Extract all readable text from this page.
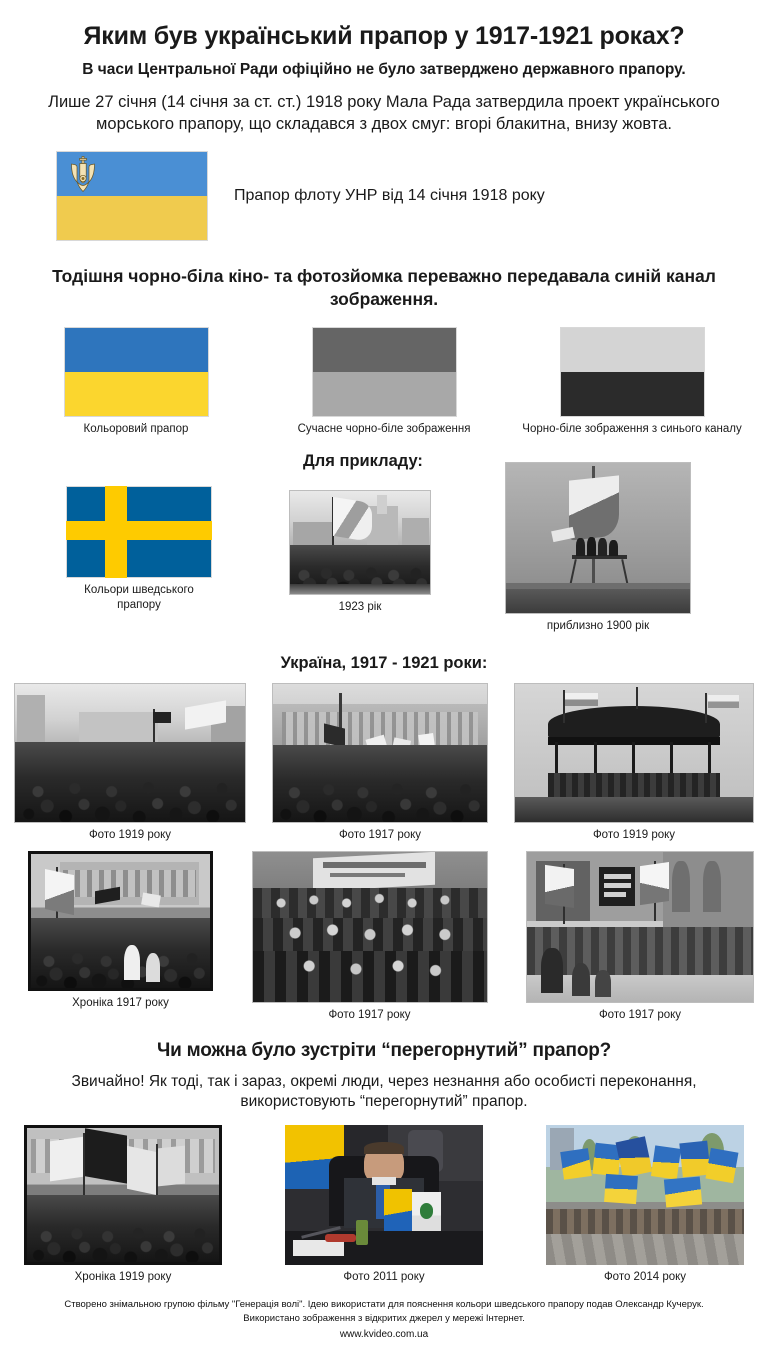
Яким був український прапор у 1917-1921 роках?
В часи Центральної Ради офіційно не було затверджено державного прапору.
Лише 27 січня (14 січня за ст. ст.) 1918 року Мала Рада затвердила проект українського морського прапору, що складався з двох смуг: вгорі блакитна, внизу жовта.
Прапор флоту УНР від 14 січня 1918 року
Тодішня чорно-біла кіно- та фотозйомка переважно передавала синій канал зображення.
Кольоровий прапор	Сучасне чорно-біле зображення	Чорно-біле зображення з синього каналу
Для прикладу:
Кольори шведського прапору	1923 рік
приблизно 1900 рік
Україна, 1917 - 1921 роки:
Фото 1919 року	Фото 1917 року	Фото 1919 року
Хроніка 1917 року
Фото 1917 року	Фото 1917 року
Чи можна було зустріти “перегорнутий” прапор?
Звичайно! Як тоді, так і зараз, окремі люди, через незнання або особисті переконання, використовують “перегорнутий” прапор.
Хроніка 1919 року	Фото 2011 року	Фото 2014 року
Створено знімальною групою фільму "Генерація волі". Ідею використати для пояснення кольори шведського прапору подав Олександр Кучерук.
Використано зображення з відкритих джерел у мережі Інтернет.
www.kvideo.com.ua
